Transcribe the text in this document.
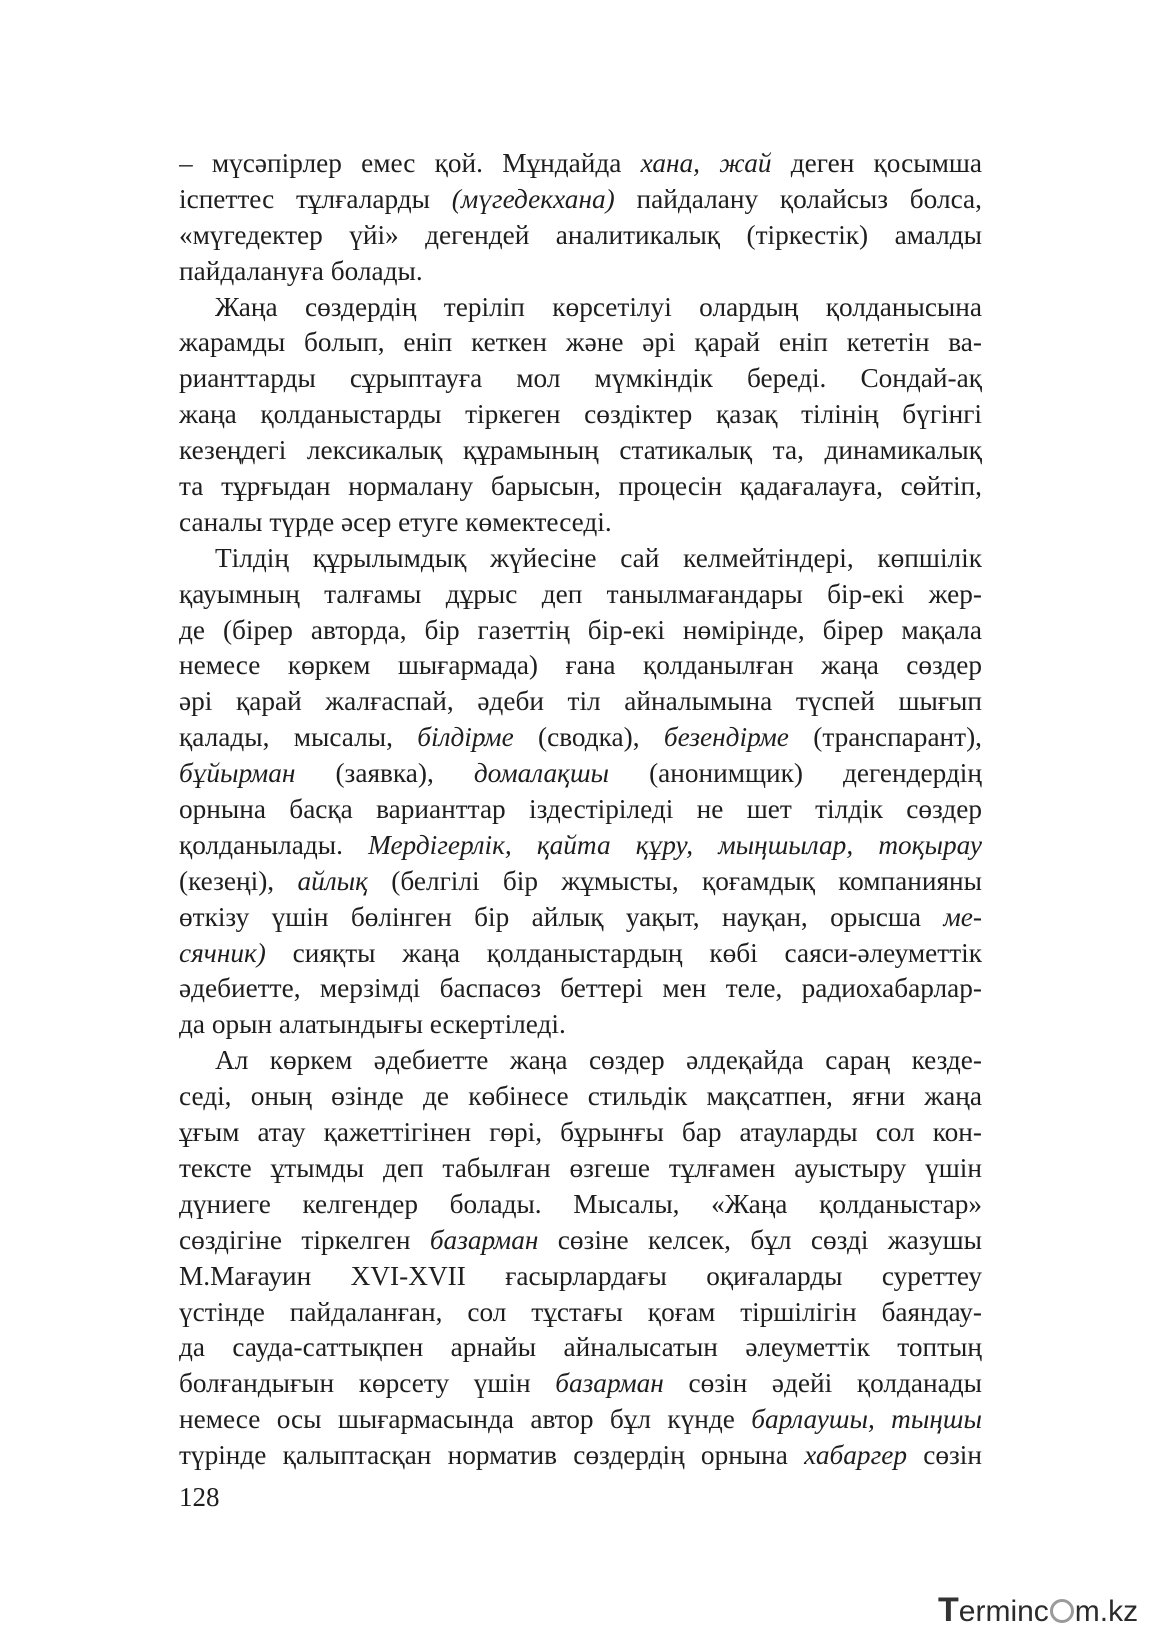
– мүсәпірлер емес қой. Мұндайда хана, жай деген қосымша
іспеттес тұлғаларды (мүгедекхана) пайдалану қолайсыз болса,
«мүгедектер үйі» дегендей аналитикалық (тіркестік) амалды
пайдалануға болады.
Жаңа сөздердің теріліп көрсетілуі олардың қолданысына
жарамды болып, еніп кеткен және әрі қарай еніп кететін ва-
рианттарды сұрыптауға мол мүмкіндік береді. Сондай-ақ
жаңа қолданыстарды тіркеген сөздіктер қазақ тілінің бүгінгі
кезеңдегі лексикалық құрамының статикалық та, динамикалық
та тұрғыдан нормалану барысын, процесін қадағалауға, сөйтіп,
саналы түрде әсер етуге көмектеседі.
Тілдің құрылымдық жүйесіне сай келмейтіндері, көпшілік
қауымның талғамы дұрыс деп танылмағандары бір-екі жер-
де (бірер авторда, бір газеттің бір-екі нөмірінде, бірер мақала
немесе көркем шығармада) ғана қолданылған жаңа сөздер
әрі қарай жалғаспай, әдеби тіл айналымына түспей шығып
қалады, мысалы, білдірме (сводка), безендірме (транспарант),
бұйырман (заявка), домалақшы (анонимщик) дегендердің
орнына басқа варианттар іздестіріледі не шет тілдік сөздер
қолданылады. Мердігерлік, қайта құру, мыңшылар, тоқырау
(кезеңі), айлық (белгілі бір жұмысты, қоғамдық компанияны
өткізу үшін бөлінген бір айлық уақыт, науқан, орысша ме-
сячник) сияқты жаңа қолданыстардың көбі саяси-әлеуметтік
әдебиетте, мерзімді баспасөз беттері мен теле, радиохабарлар-
да орын алатындығы ескертіледі.
Ал көркем әдебиетте жаңа сөздер әлдеқайда сараң кезде-
седі, оның өзінде де көбінесе стильдік мақсатпен, яғни жаңа
ұғым атау қажеттігінен гөрі, бұрынғы бар атауларды сол кон-
тексте ұтымды деп табылған өзгеше тұлғамен ауыстыру үшін
дүниеге келгендер болады. Мысалы, «Жаңа қолданыстар»
сөздігіне тіркелген базарман сөзіне келсек, бұл сөзді жазушы
М.Мағауин XVI-XVII ғасырлардағы оқиғаларды суреттеу
үстінде пайдаланған, сол тұстағы қоғам тіршілігін баяндау-
да сауда-саттықпен арнайы айналысатын әлеуметтік топтың
болғандығын көрсету үшін базарман сөзін әдейі қолданады
немесе осы шығармасында автор бұл күнде барлаушы, тыңшы
түрінде қалыптасқан норматив сөздердің орнына хабаргер сөзін
128
Terminc m.kz
